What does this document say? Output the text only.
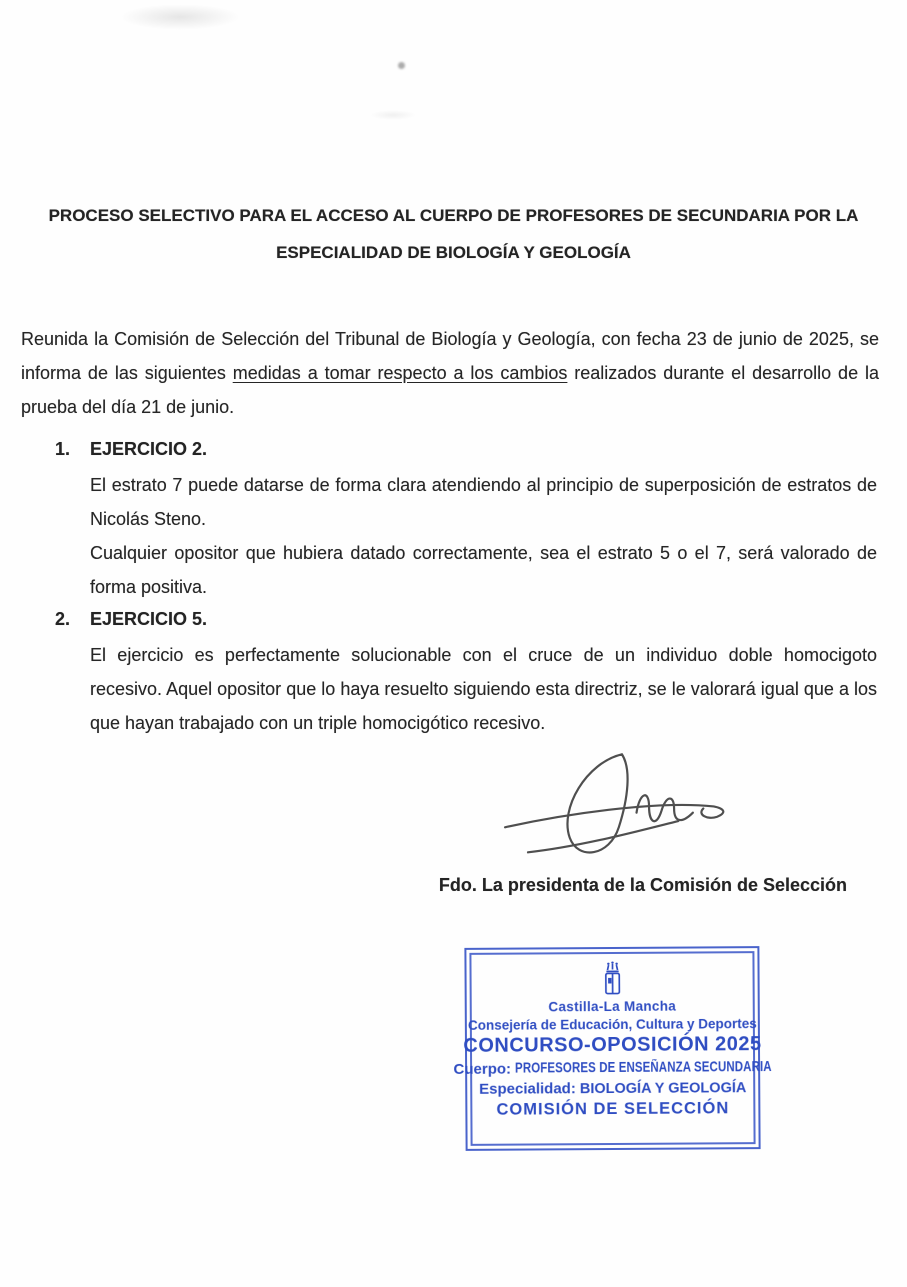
PROCESO SELECTIVO PARA EL ACCESO AL CUERPO DE PROFESORES DE SECUNDARIA POR LA
ESPECIALIDAD DE BIOLOGÍA Y GEOLOGÍA

Reunida la Comisión de Selección del Tribunal de Biología y Geología, con fecha 23 de junio de 2025, se informa de las siguientes medidas a tomar respecto a los cambios realizados durante el desarrollo de la prueba del día 21 de junio.

1. EJERCICIO 2.

El estrato 7 puede datarse de forma clara atendiendo al principio de superposición de estratos de Nicolás Steno.

Cualquier opositor que hubiera datado correctamente, sea el estrato 5 o el 7, será valorado de forma positiva.

2. EJERCICIO 5.

El ejercicio es perfectamente solucionable con el cruce de un individuo doble homocigoto recesivo. Aquel opositor que lo haya resuelto siguiendo esta directriz, se le valorará igual que a los que hayan trabajado con un triple homocigótico recesivo.

Fdo. La presidenta de la Comisión de Selección
Castilla-La Mancha
Consejería de Educación, Cultura y Deportes
CONCURSO-OPOSICIÓN 2025
Cuerpo: PROFESORES DE ENSEÑANZA SECUNDARIA
Especialidad: BIOLOGÍA Y GEOLOGÍA
COMISIÓN DE SELECCIÓN
